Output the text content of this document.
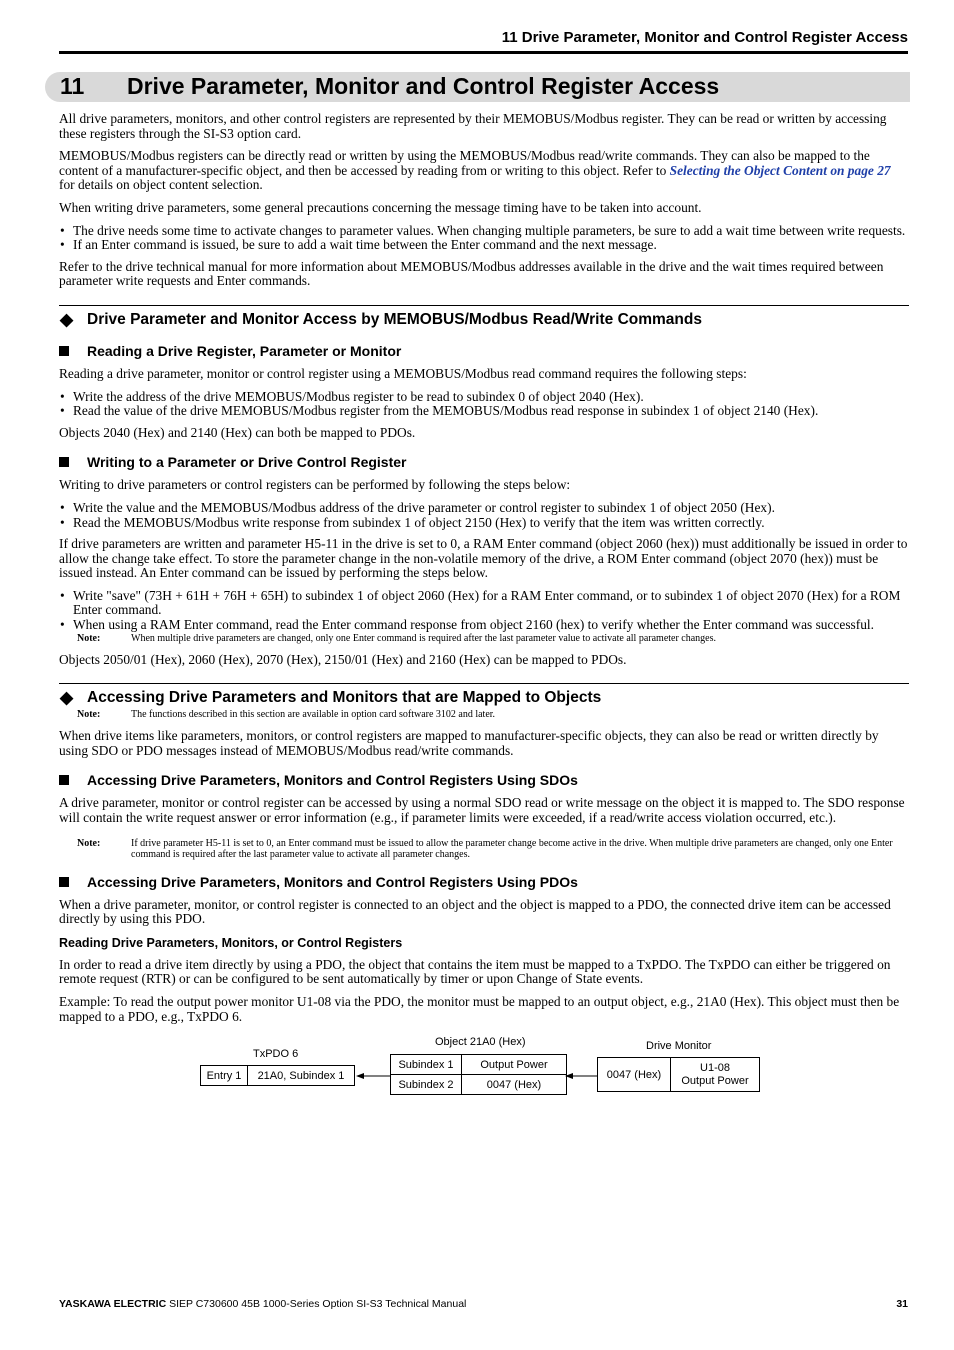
11 Drive Parameter, Monitor and Control Register Access
11 Drive Parameter, Monitor and Control Register Access

All drive parameters, monitors, and other control registers are represented by their MEMOBUS/Modbus register. They can be read or written by accessing these registers through the SI-S3 option card.

MEMOBUS/Modbus registers can be directly read or written by using the MEMOBUS/Modbus read/write commands. They can also be mapped to the content of a manufacturer-specific object, and then be accessed by reading from or writing to this object. Refer to Selecting the Object Content on page 27 for details on object content selection.

When writing drive parameters, some general precautions concerning the message timing have to be taken into account.

• The drive needs some time to activate changes to parameter values. When changing multiple parameters, be sure to add a wait time between write requests.
• If an Enter command is issued, be sure to add a wait time between the Enter command and the next message.

Refer to the drive technical manual for more information about MEMOBUS/Modbus addresses available in the drive and the wait times required between parameter write requests and Enter commands.

◆ Drive Parameter and Monitor Access by MEMOBUS/Modbus Read/Write Commands
Reading a Drive Register, Parameter or Monitor

Reading a drive parameter, monitor or control register using a MEMOBUS/Modbus read command requires the following steps:

• Write the address of the drive MEMOBUS/Modbus register to be read to subindex 0 of object 2040 (Hex).
• Read the value of the drive MEMOBUS/Modbus register from the MEMOBUS/Modbus read response in subindex 1 of object 2140 (Hex).

Objects 2040 (Hex) and 2140 (Hex) can both be mapped to PDOs.

Writing to a Parameter or Drive Control Register

Writing to drive parameters or control registers can be performed by following the steps below:

• Write the value and the MEMOBUS/Modbus address of the drive parameter or control register to subindex 1 of object 2050 (Hex).
• Read the MEMOBUS/Modbus write response from subindex 1 of object 2150 (Hex) to verify that the item was written correctly.

If drive parameters are written and parameter H5-11 in the drive is set to 0, a RAM Enter command (object 2060 (hex)) must additionally be issued in order to allow the change take effect. To store the parameter change in the non-volatile memory of the drive, a ROM Enter command (object 2070 (hex)) must be issued instead. An Enter command can be issued by performing the steps below.

• Write "save" (73H + 61H + 76H + 65H) to subindex 1 of object 2060 (Hex) for a RAM Enter command, or to subindex 1 of object 2070 (Hex) for a ROM Enter command.
• When using a RAM Enter command, read the Enter command response from object 2160 (hex) to verify whether the Enter command was successful.
Note:	When multiple drive parameters are changed, only one Enter command is required after the last parameter value to activate all parameter changes.

Objects 2050/01 (Hex), 2060 (Hex), 2070 (Hex), 2150/01 (Hex) and 2160 (Hex) can be mapped to PDOs.

◆ Accessing Drive Parameters and Monitors that are Mapped to Objects
Note:	The functions described in this section are available in option card software 3102 and later.

When drive items like parameters, monitors, or control registers are mapped to manufacturer-specific objects, they can also be read or written directly by using SDO or PDO messages instead of MEMOBUS/Modbus read/write commands.

Accessing Drive Parameters, Monitors and Control Registers Using SDOs

A drive parameter, monitor or control register can be accessed by using a normal SDO read or write message on the object it is mapped to. The SDO response will contain the write request answer or error information (e.g., if parameter limits were exceeded, if a read/write access violation occurred, etc.).

Note:	If drive parameter H5-11 is set to 0, an Enter command must be issued to allow the parameter change become active in the drive. When multiple drive parameters are changed, only one Enter command is required after the last parameter value to activate all parameter changes.
Accessing Drive Parameters, Monitors and Control Registers Using PDOs

When a drive parameter, monitor, or control register is connected to an object and the object is mapped to a PDO, the connected drive item can be accessed directly by using this PDO.

Reading Drive Parameters, Monitors, or Control Registers

In order to read a drive item directly by using a PDO, the object that contains the item must be mapped to a TxPDO. The TxPDO can either be triggered on remote request (RTR) or can be configured to be sent automatically by timer or upon Change of State events.

Example: To read the output power monitor U1-08 via the PDO, the monitor must be mapped to an output object, e.g., 21A0 (Hex). This object must then be mapped to a PDO, e.g., TxPDO 6.

TxPDO 6
Entry 1	21A0, Subindex 1
Object 21A0 (Hex)
Subindex 1	Output Power
Subindex 2	0047 (Hex)
Drive Monitor
0047 (Hex)	U1-08
Output Power
YASKAWA ELECTRIC SIEP C730600 45B 1000-Series Option SI-S3 Technical Manual	31
